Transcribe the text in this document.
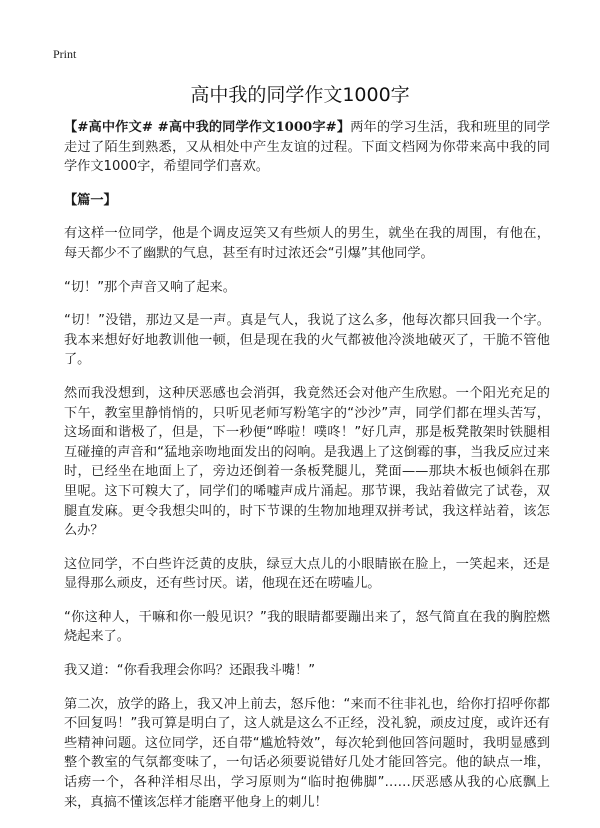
Print
高中我的同学作文1000字

【#高中作文# #高中我的同学作文1000字#】两年的学习生活，我和班里的同学走过了陌生到熟悉，又从相处中产生友谊的过程。下面文档网为你带来高中我的同学作文1000字，希望同学们喜欢。

【篇一】

有这样一位同学，他是个调皮逗笑又有些烦人的男生，就坐在我的周围，有他在，每天都少不了幽默的气息，甚至有时过浓还会“引爆”其他同学。

“切！”那个声音又响了起来。

“切！”没错，那边又是一声。真是气人，我说了这么多，他每次都只回我一个字。我本来想好好地教训他一顿，但是现在我的火气都被他冷淡地破灭了，干脆不管他了。

然而我没想到，这种厌恶感也会消弭，我竟然还会对他产生欣慰。一个阳光充足的下午，教室里静悄悄的，只听见老师写粉笔字的“沙沙”声，同学们都在埋头苦写，这场面和谐极了，但是，下一秒便“哗啦！噗咚！”好几声，那是板凳散架时铁腿相互碰撞的声音和“猛地亲吻地面发出的闷响。是我遇上了这倒霉的事，当我反应过来时，已经坐在地面上了，旁边还倒着一条板凳腿儿，凳面——那块木板也倾斜在那里呢。这下可糗大了，同学们的唏嘘声成片涌起。那节课，我站着做完了试卷，双腿直发麻。更令我想尖叫的，时下节课的生物加地理双拼考试，我这样站着，该怎么办？

这位同学，不白些许泛黄的皮肤，绿豆大点儿的小眼睛嵌在脸上，一笑起来，还是显得那么顽皮，还有些讨厌。诺，他现在还在唠嗑儿。

“你这种人，干嘛和你一般见识？”我的眼睛都要蹦出来了，怒气简直在我的胸腔燃烧起来了。

我又道：“你看我理会你吗？还跟我斗嘴！”

第二次，放学的路上，我又冲上前去，怒斥他：“来而不往非礼也，给你打招呼你都不回复吗！”我可算是明白了，这人就是这么不正经，没礼貌，顽皮过度，或许还有些精神问题。这位同学，还自带“尴尬特效”，每次轮到他回答问题时，我明显感到整个教室的气氛都变味了，一句话必须要说错好几处才能回答完。他的缺点一堆，话痨一个，各种洋相尽出，学习原则为“临时抱佛脚”……厌恶感从我的心底飘上来，真搞不懂该怎样才能磨平他身上的刺儿！
